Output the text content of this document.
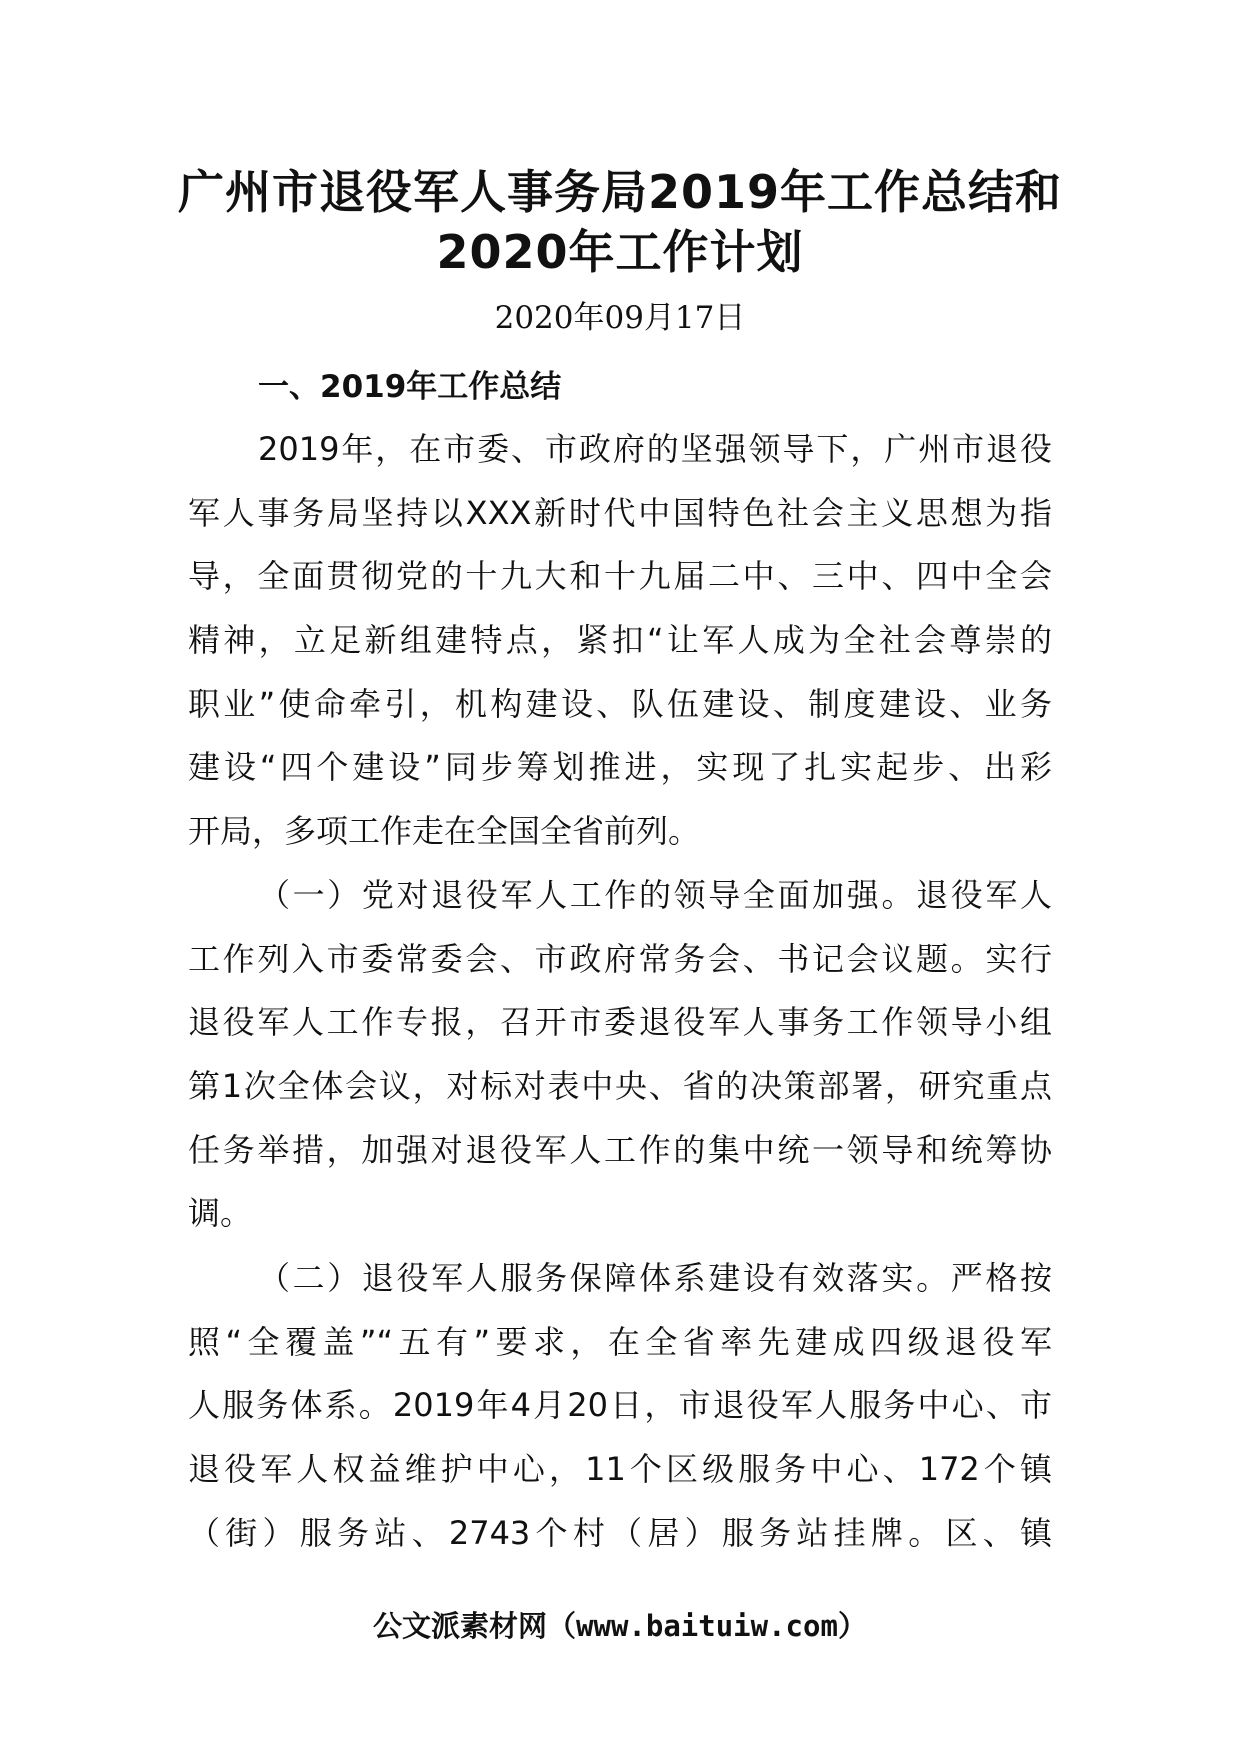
广州市退役军人事务局2019年工作总结和
2020年工作计划
2020年09月17日
一、2019年工作总结
2019年，在市委、市政府的坚强领导下，广州市退役
军人事务局坚持以XXX新时代中国特色社会主义思想为指
导，全面贯彻党的十九大和十九届二中、三中、四中全会
精神，立足新组建特点，紧扣“让军人成为全社会尊崇的
职业”使命牵引，机构建设、队伍建设、制度建设、业务
建设“四个建设”同步筹划推进，实现了扎实起步、出彩
开局，多项工作走在全国全省前列。
（一）党对退役军人工作的领导全面加强。退役军人
工作列入市委常委会、市政府常务会、书记会议题。实行
退役军人工作专报，召开市委退役军人事务工作领导小组
第1次全体会议，对标对表中央、省的决策部署，研究重点
任务举措，加强对退役军人工作的集中统一领导和统筹协
调。
（二）退役军人服务保障体系建设有效落实。严格按
照“全覆盖”“五有”要求，在全省率先建成四级退役军
人服务体系。2019年4月20日，市退役军人服务中心、市
退役军人权益维护中心，11个区级服务中心、172个镇
（街）服务站、2743个村（居）服务站挂牌。区、镇
公文派素材网（www.baituiw.com）
